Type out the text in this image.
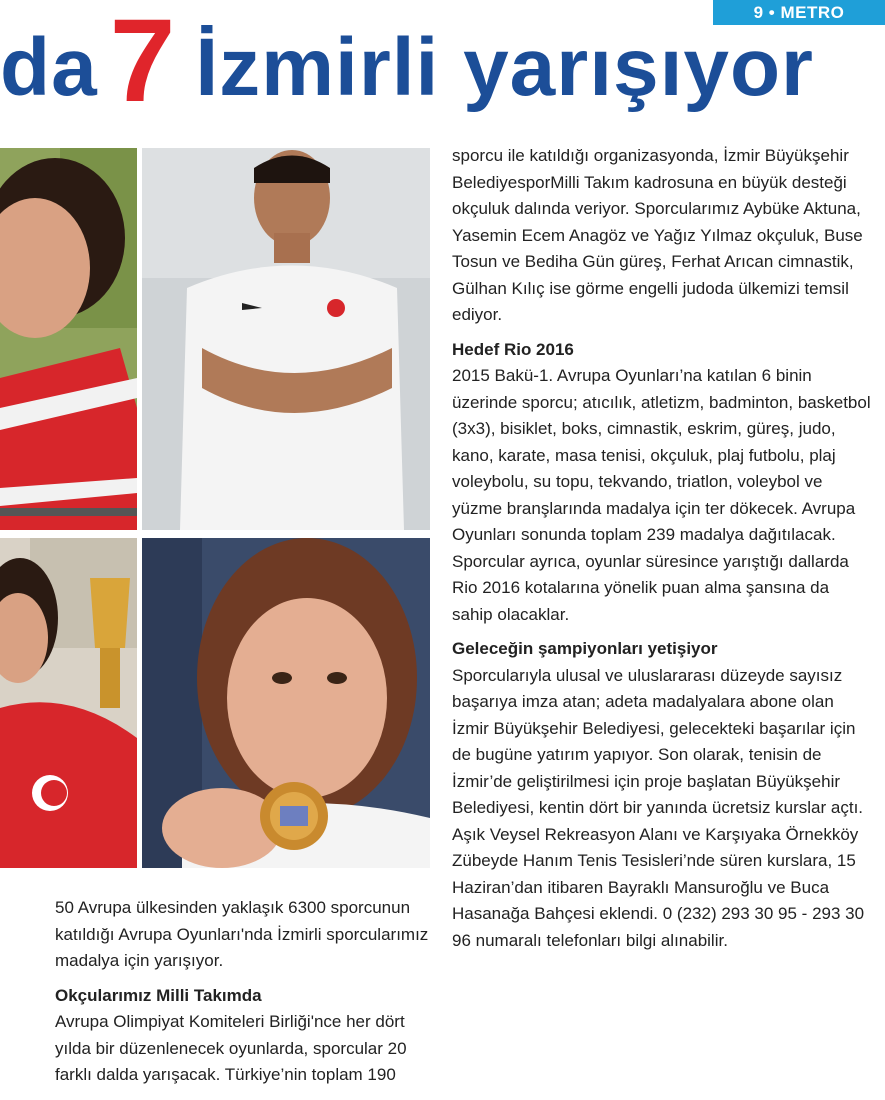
9 • METRO
da 7 İzmirli yarışıyor

sporcu ile katıldığı organizasyonda, İzmir Büyükşehir BelediyesporMilli Takım kadrosuna en büyük desteği okçuluk dalında veriyor. Sporcularımız Aybüke Aktuna, Yasemin Ecem Anagöz ve Yağız Yılmaz okçuluk, Buse Tosun ve Bediha Gün güreş, Ferhat Arıcan cimnastik, Gülhan Kılıç ise görme engelli judoda ülkemizi temsil ediyor.

Hedef Rio 2016

2015 Bakü-1. Avrupa Oyunları’na katılan 6 binin üzerinde sporcu; atıcılık, atletizm, badminton, basketbol (3x3), bisiklet, boks, cimnastik, eskrim, güreş, judo, kano, karate, masa tenisi, okçuluk, plaj futbolu, plaj voleybolu, su topu, tekvando, triatlon, voleybol ve yüzme branşlarında madalya için ter dökecek. Avrupa Oyunları sonunda toplam 239 madalya dağıtılacak. Sporcular ayrıca, oyunlar süresince yarıştığı dallarda Rio 2016 kotalarına yönelik puan alma şansına da sahip olacaklar.

Geleceğin şampiyonları yetişiyor

Sporcularıyla ulusal ve uluslararası düzeyde sayısız başarıya imza atan; adeta madalyalara abone olan İzmir Büyükşehir Belediyesi, gelecekteki başarılar için de bugüne yatırım yapıyor. Son olarak, tenisin de İzmir’de geliştirilmesi için proje başlatan Büyükşehir Belediyesi, kentin dört bir yanında ücretsiz kurslar açtı. Aşık Veysel Rekreasyon Alanı ve Karşıyaka Örnekköy Zübeyde Hanım Tenis Tesisleri’nde süren kurslara, 15 Haziran’dan itibaren Bayraklı Mansuroğlu ve Buca Hasanağa Bahçesi eklendi. 0 (232) 293 30 95 - 293 30 96 numaralı telefonları bilgi alınabilir.

50 Avrupa ülkesinden yaklaşık 6300 sporcunun katıldığı Avrupa Oyunları'nda İzmirli sporcularımız madalya için yarışıyor.

Okçularımız Milli Takımda

Avrupa Olimpiyat Komiteleri Birliği'nce her dört yılda bir düzenlenecek oyunlarda, sporcular 20 farklı dalda yarışacak. Türkiye’nin toplam 190
